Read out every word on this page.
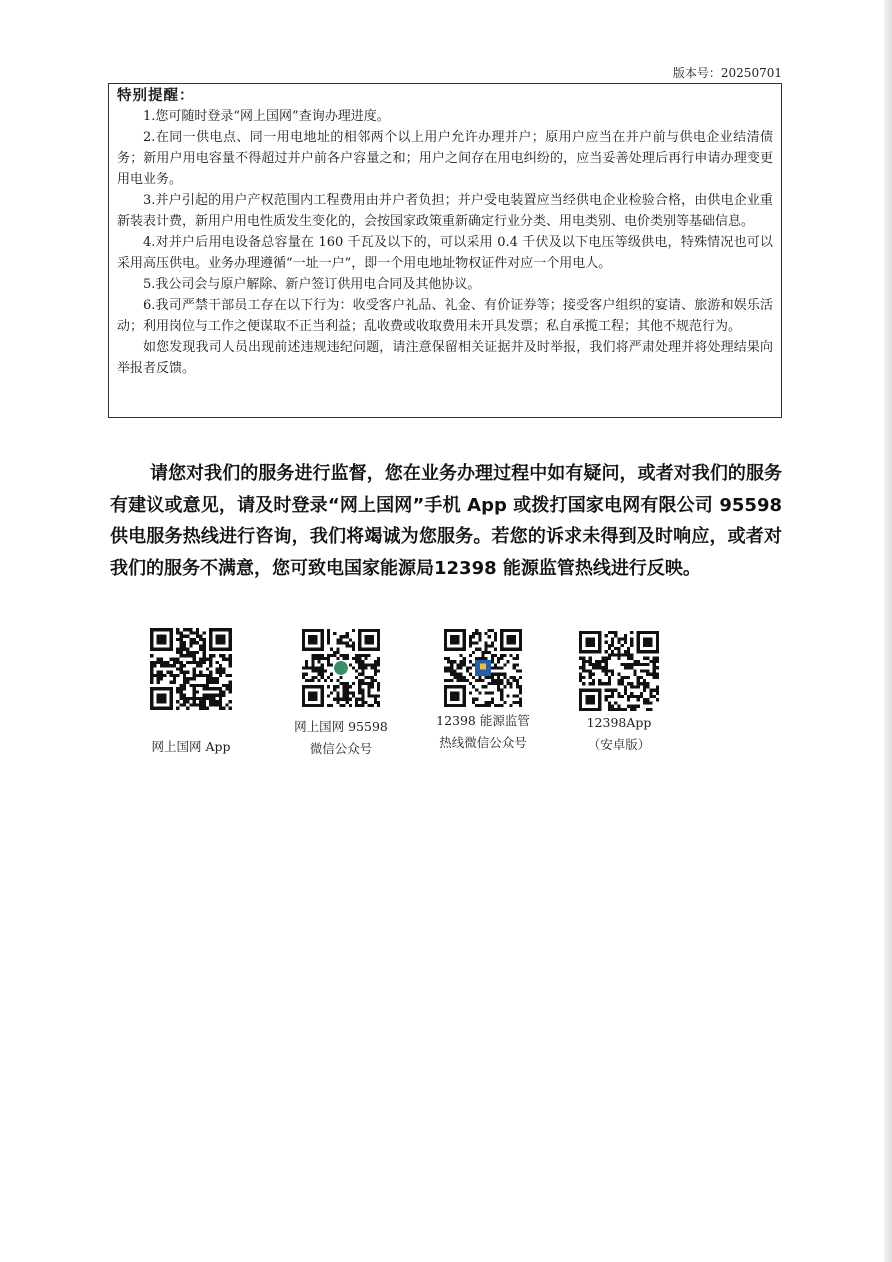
版本号：20250701
特别提醒：

1.您可随时登录“网上国网”查询办理进度。

2.在同一供电点、同一用电地址的相邻两个以上用户允许办理并户；原用户应当在并户前与供电企业结清债务；新用户用电容量不得超过并户前各户容量之和；用户之间存在用电纠纷的，应当妥善处理后再行申请办理变更用电业务。

3.并户引起的用户产权范围内工程费用由并户者负担；并户受电装置应当经供电企业检验合格，由供电企业重新装表计费，新用户用电性质发生变化的，会按国家政策重新确定行业分类、用电类别、电价类别等基础信息。

4.对并户后用电设备总容量在 160 千瓦及以下的，可以采用 0.4 千伏及以下电压等级供电，特殊情况也可以采用高压供电。业务办理遵循“一址一户”，即一个用电地址物权证件对应一个用电人。

5.我公司会与原户解除、新户签订供用电合同及其他协议。

6.我司严禁干部员工存在以下行为：收受客户礼品、礼金、有价证券等；接受客户组织的宴请、旅游和娱乐活动；利用岗位与工作之便谋取不正当利益；乱收费或收取费用未开具发票；私自承揽工程；其他不规范行为。

如您发现我司人员出现前述违规违纪问题，请注意保留相关证据并及时举报，我们将严肃处理并将处理结果向举报者反馈。

请您对我们的服务进行监督，您在业务办理过程中如有疑问，或者对我们的服务有建议或意见，请及时登录“网上国网”手机 App 或拨打国家电网有限公司 95598 供电服务热线进行咨询，我们将竭诚为您服务。若您的诉求未得到及时响应，或者对我们的服务不满意，您可致电国家能源局12398 能源监管热线进行反映。

网上国网 App
网上国网 95598
微信公众号
12398 能源监管
热线微信公众号
12398App
（安卓版）
